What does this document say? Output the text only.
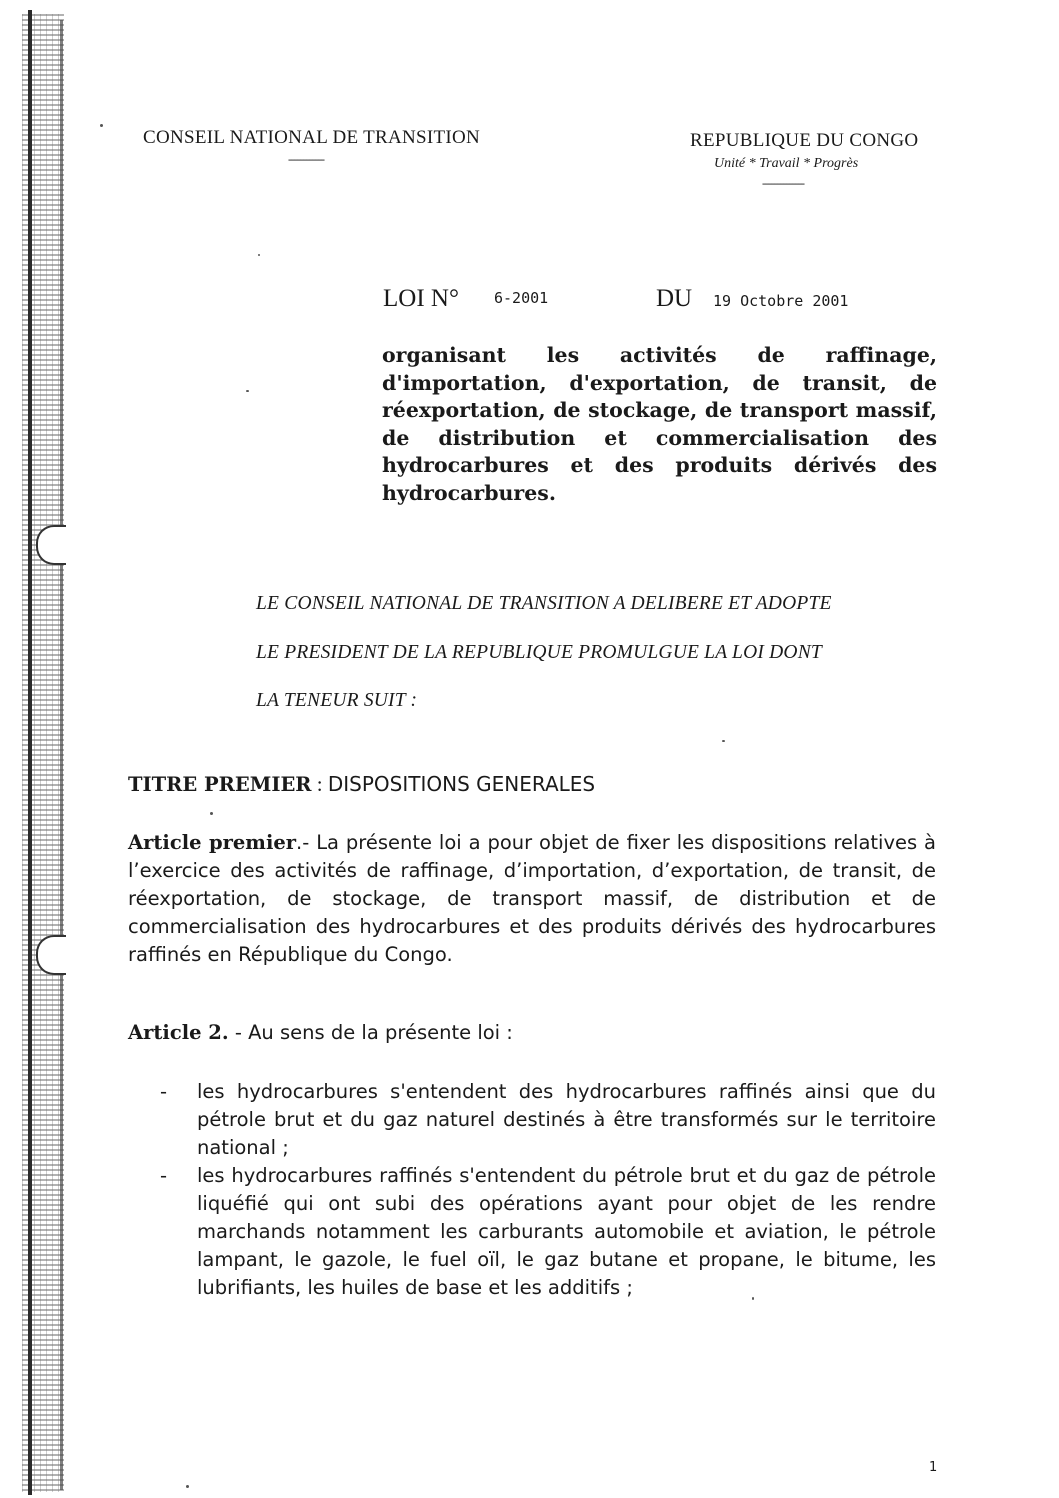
CONSEIL NATIONAL DE TRANSITION
------------
REPUBLIQUE DU CONGO
Unité * Travail * Progrès
--------------
LOI N° 6-2001	DU 19 Octobre 2001
organisant les activités de raffinage, d'importation, d'exportation, de transit, de réexportation, de stockage, de transport massif, de distribution et commercialisation des hydrocarbures et des produits dérivés des hydrocarbures.
LE CONSEIL NATIONAL DE TRANSITION A DELIBERE ET ADOPTE
LE PRESIDENT DE LA REPUBLIQUE PROMULGUE LA LOI DONT
LA TENEUR SUIT :
TITRE PREMIER : DISPOSITIONS GENERALES
Article premier.- La présente loi a pour objet de fixer les dispositions relatives à l’exercice des activités de raffinage, d’importation, d’exportation, de transit, de réexportation, de stockage, de transport massif, de distribution et de commercialisation des hydrocarbures et des produits dérivés des hydrocarbures raffinés en République du Congo.
Article 2. - Au sens de la présente loi :
- les hydrocarbures s'entendent des hydrocarbures raffinés ainsi que du pétrole brut et du gaz naturel destinés à être transformés sur le territoire national ;
- les hydrocarbures raffinés s'entendent du pétrole brut et du gaz de pétrole liquéfié qui ont subi des opérations ayant pour objet de les rendre marchands notamment les carburants automobile et aviation, le pétrole lampant, le gazole, le fuel oïl, le gaz butane et propane, le bitume, les lubrifiants, les huiles de base et les additifs ;
1
